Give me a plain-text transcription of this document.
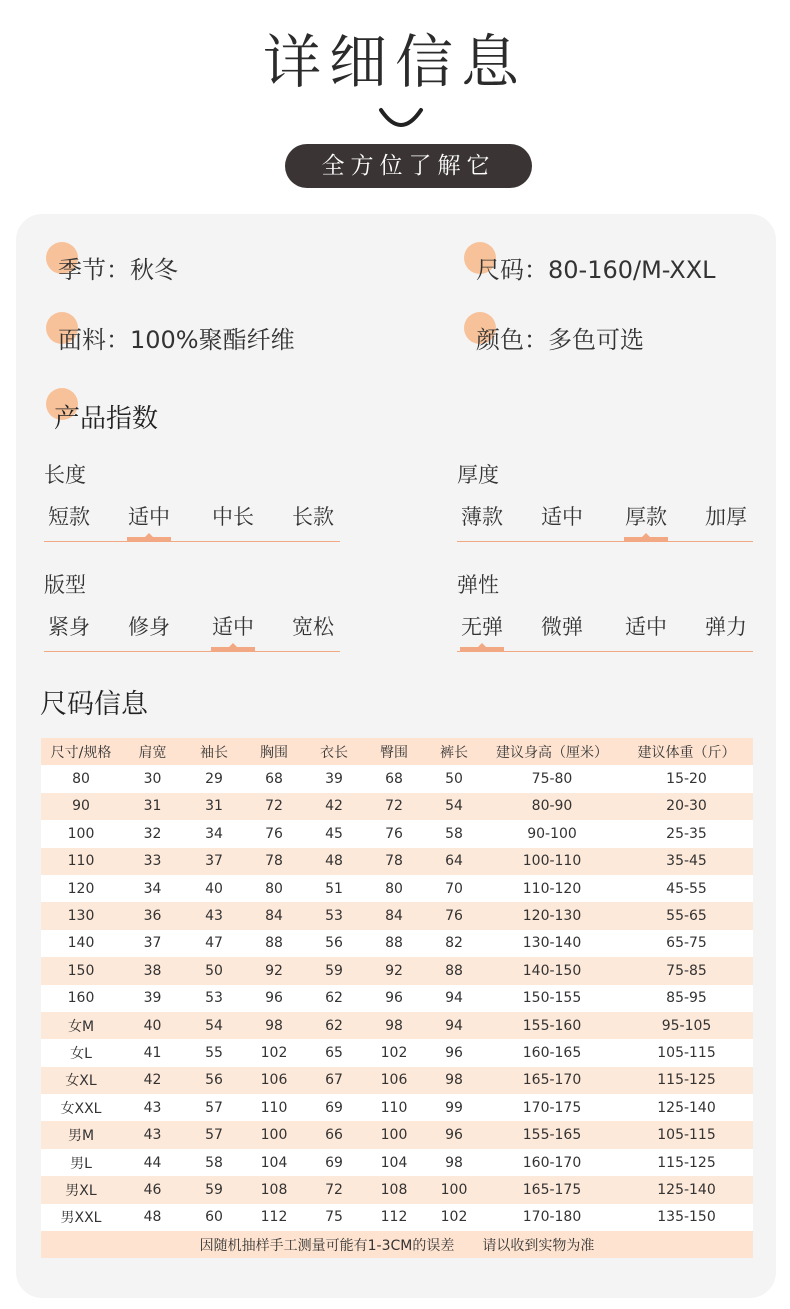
详细信息
全方位了解它
季节：秋冬	尺码：80-160/M-XXL
面料：100%聚酯纤维	颜色：多色可选
产品指数
长度
短款 适中 中长 长款
厚度
薄款 适中 厚款 加厚
版型
紧身 修身 适中 宽松
弹性
无弹 微弹 适中 弹力
尺码信息
尺寸/规格	肩宽	袖长	胸围	衣长	臀围	裤长	建议身高（厘米）	建议体重（斤）
80	30	29	68	39	68	50	75-80	15-20
90	31	31	72	42	72	54	80-90	20-30
100	32	34	76	45	76	58	90-100	25-35
110	33	37	78	48	78	64	100-110	35-45
120	34	40	80	51	80	70	110-120	45-55
130	36	43	84	53	84	76	120-130	55-65
140	37	47	88	56	88	82	130-140	65-75
150	38	50	92	59	92	88	140-150	75-85
160	39	53	96	62	96	94	150-155	85-95
女M	40	54	98	62	98	94	155-160	95-105
女L	41	55	102	65	102	96	160-165	105-115
女XL	42	56	106	67	106	98	165-170	115-125
女XXL	43	57	110	69	110	99	170-175	125-140
男M	43	57	100	66	100	96	155-165	105-115
男L	44	58	104	69	104	98	160-170	115-125
男XL	46	59	108	72	108	100	165-175	125-140
男XXL	48	60	112	75	112	102	170-180	135-150
因随机抽样手工测量可能有1-3CM的误差　　请以收到实物为准								
